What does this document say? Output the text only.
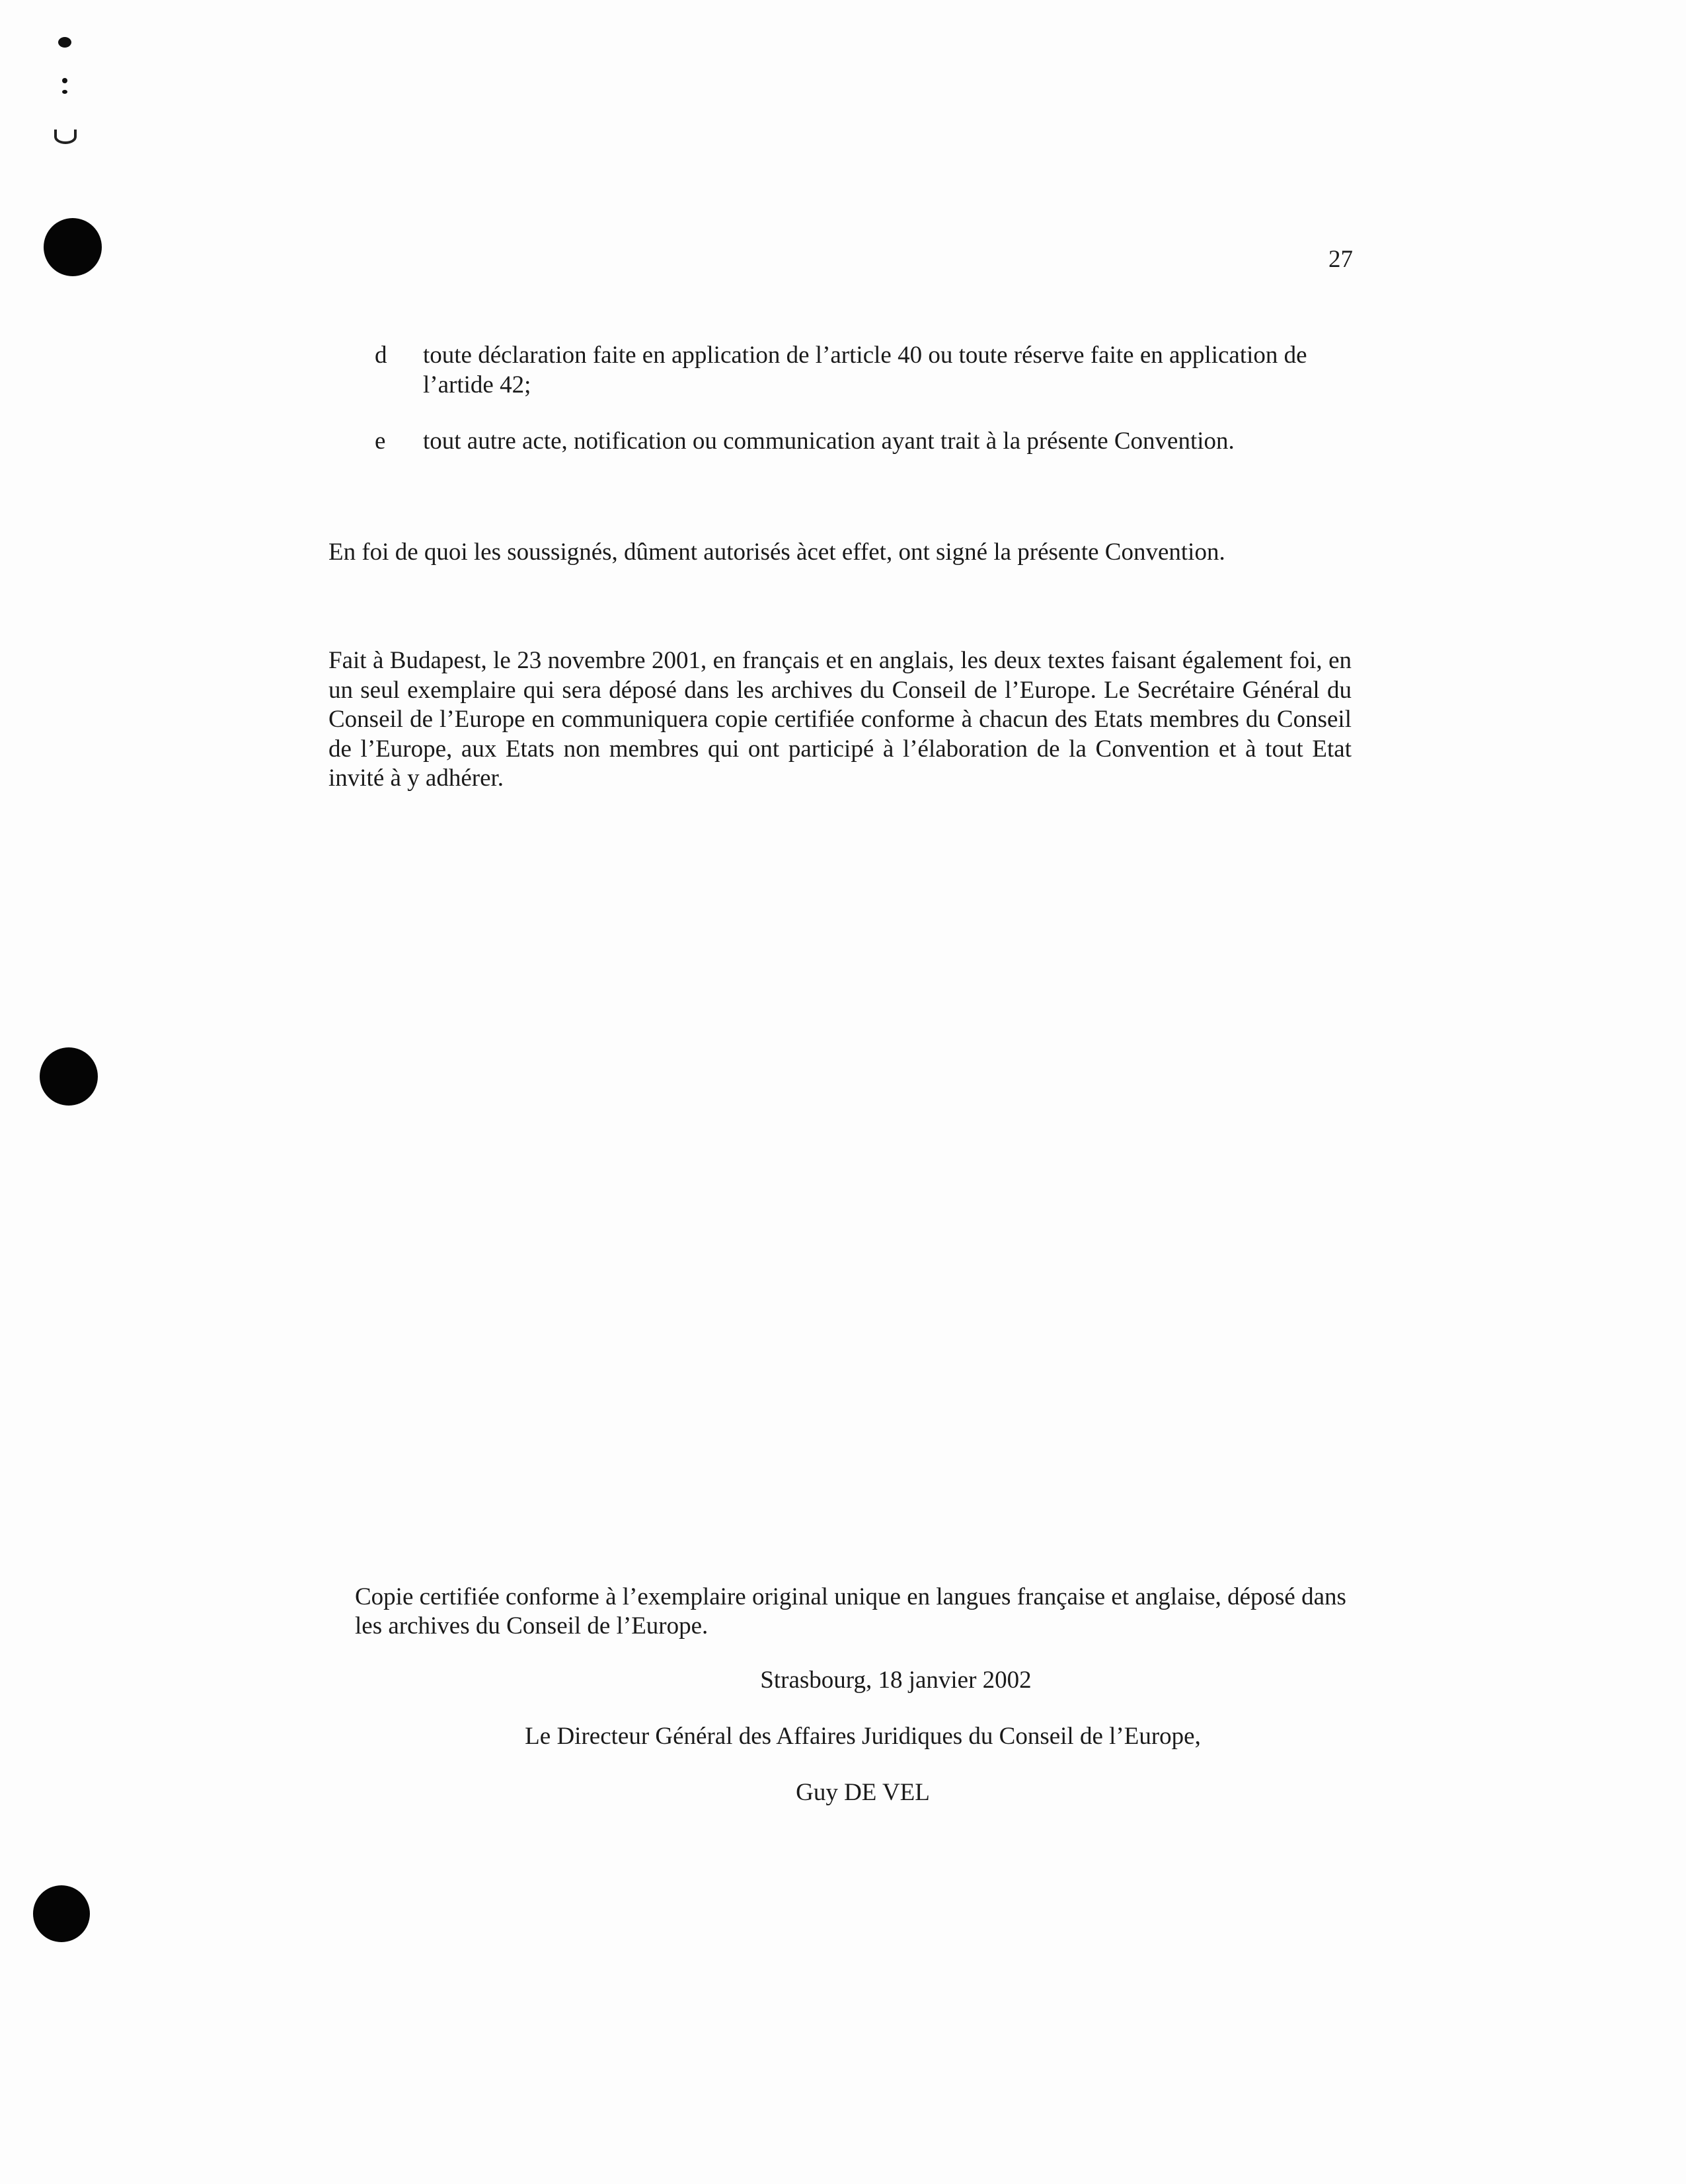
27
d toute déclaration faite en application de l’article 40 ou toute réserve faite en application de l’artide 42;
e tout autre acte, notification ou communication ayant trait à la présente Convention.
En foi de quoi les soussignés, dûment autorisés àcet effet, ont signé la présente Convention.
Fait à Budapest, le 23 novembre 2001, en français et en anglais, les deux textes faisant également foi, en un seul exemplaire qui sera déposé dans les archives du Conseil de l’Europe. Le Secrétaire Général du Conseil de l’Europe en communiquera copie certifiée conforme à chacun des Etats membres du Conseil de l’Europe, aux Etats non membres qui ont participé à l’élaboration de la Convention et à tout Etat invité à y adhérer.
Copie certifiée conforme à l’exemplaire original unique en langues française et anglaise, déposé dans les archives du Conseil de l’Europe.
Strasbourg, 18 janvier 2002
Le Directeur Général des Affaires Juridiques du Conseil de l’Europe,
Guy DE VEL
